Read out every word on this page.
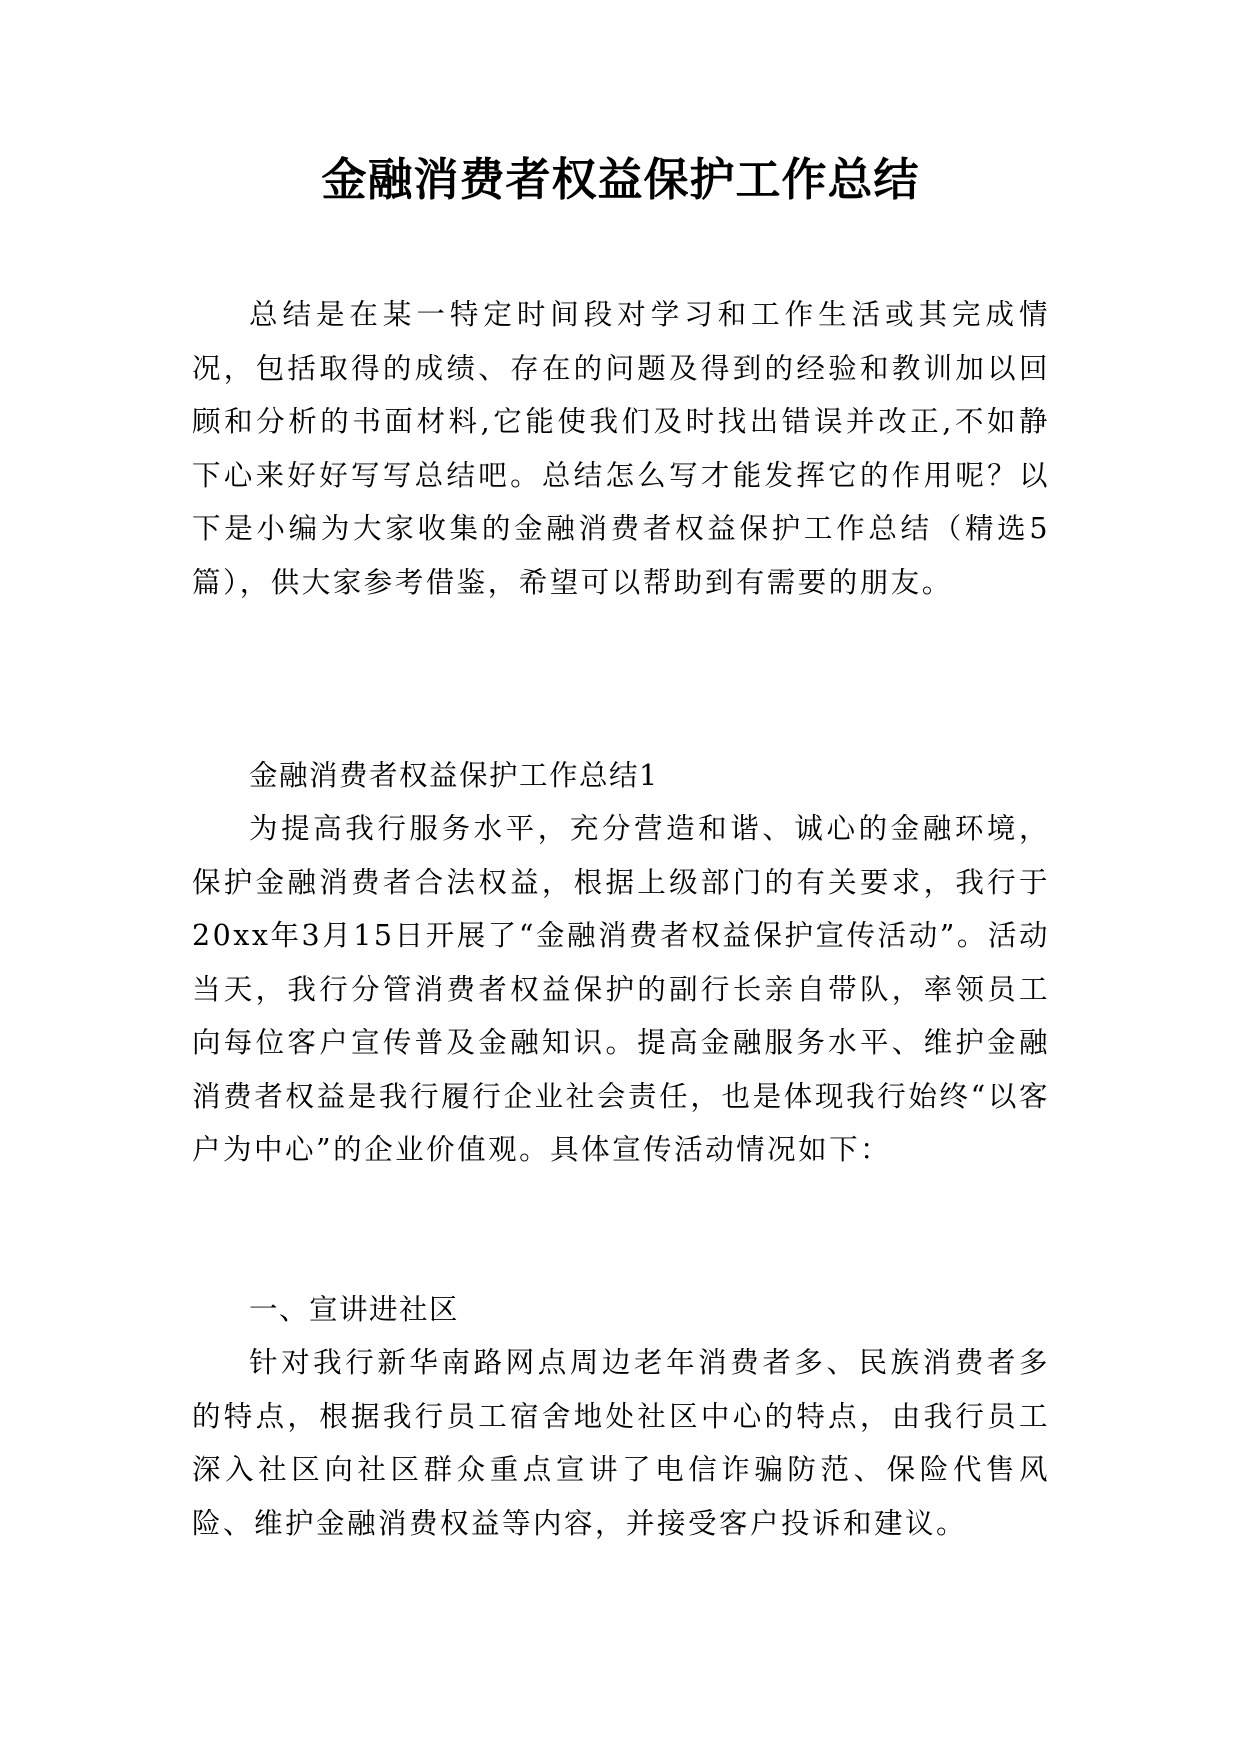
金融消费者权益保护工作总结

总结是在某一特定时间段对学习和工作生活或其完成情况，包括取得的成绩、存在的问题及得到的经验和教训加以回顾和分析的书面材料,它能使我们及时找出错误并改正,不如静下心来好好写写总结吧。总结怎么写才能发挥它的作用呢？以下是小编为大家收集的金融消费者权益保护工作总结（精选5篇），供大家参考借鉴，希望可以帮助到有需要的朋友。

金融消费者权益保护工作总结1

为提高我行服务水平，充分营造和谐、诚心的金融环境，保护金融消费者合法权益，根据上级部门的有关要求，我行于20xx年3月15日开展了“金融消费者权益保护宣传活动”。活动当天，我行分管消费者权益保护的副行长亲自带队，率领员工向每位客户宣传普及金融知识。提高金融服务水平、维护金融消费者权益是我行履行企业社会责任，也是体现我行始终“以客户为中心”的企业价值观。具体宣传活动情况如下：

一、宣讲进社区

针对我行新华南路网点周边老年消费者多、民族消费者多的特点，根据我行员工宿舍地处社区中心的特点，由我行员工深入社区向社区群众重点宣讲了电信诈骗防范、保险代售风险、维护金融消费权益等内容，并接受客户投诉和建议。
